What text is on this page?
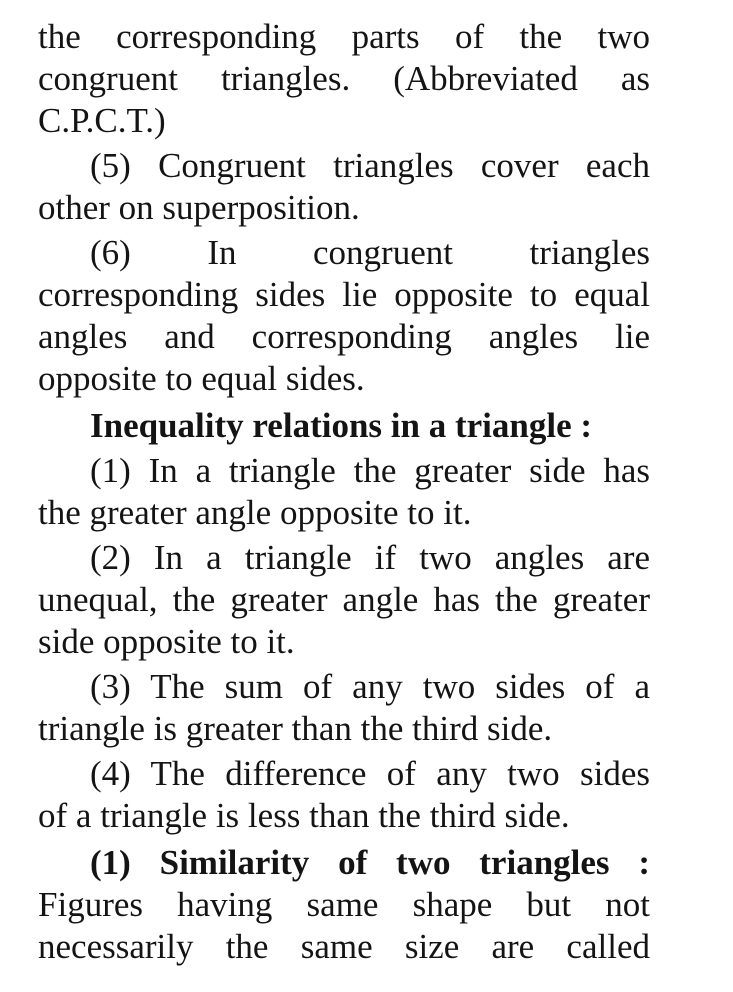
the corresponding parts of the two
congruent triangles. (Abbreviated as
C.P.C.T.)
(5) Congruent triangles cover each
other on superposition.
(6) In congruent triangles
corresponding sides lie opposite to equal
angles and corresponding angles lie
opposite to equal sides.
Inequality relations in a triangle :
(1) In a triangle the greater side has
the greater angle opposite to it.
(2) In a triangle if two angles are
unequal, the greater angle has the greater
side opposite to it.
(3) The sum of any two sides of a
triangle is greater than the third side.
(4) The difference of any two sides
of a triangle is less than the third side.
(1) Similarity of two triangles :
Figures having same shape but not
necessarily the same size are called
